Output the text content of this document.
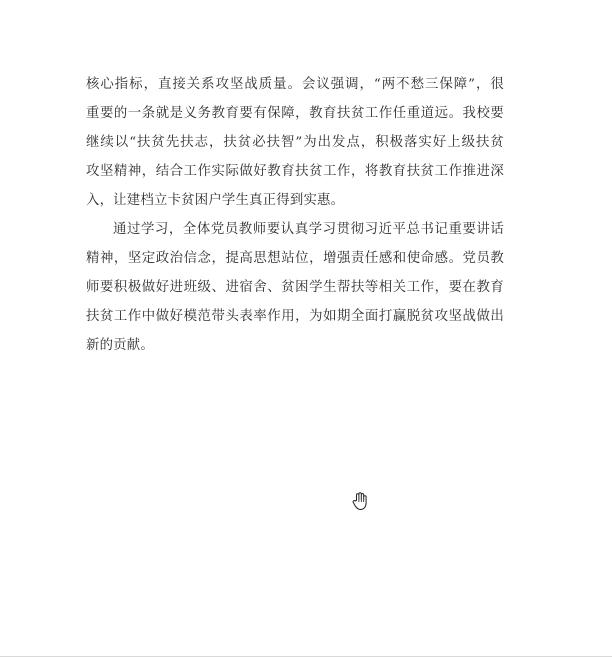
核心指标，直接关系攻坚战质量。会议强调，“两不愁三保障”，很
重要的一条就是义务教育要有保障，教育扶贫工作任重道远。我校要
继续以“扶贫先扶志，扶贫必扶智”为出发点，积极落实好上级扶贫
攻坚精神，结合工作实际做好教育扶贫工作，将教育扶贫工作推进深
入，让建档立卡贫困户学生真正得到实惠。
通过学习，全体党员教师要认真学习贯彻习近平总书记重要讲话
精神，坚定政治信念，提高思想站位，增强责任感和使命感。党员教
师要积极做好进班级、进宿舍、贫困学生帮扶等相关工作，要在教育
扶贫工作中做好模范带头表率作用，为如期全面打赢脱贫攻坚战做出
新的贡献。
